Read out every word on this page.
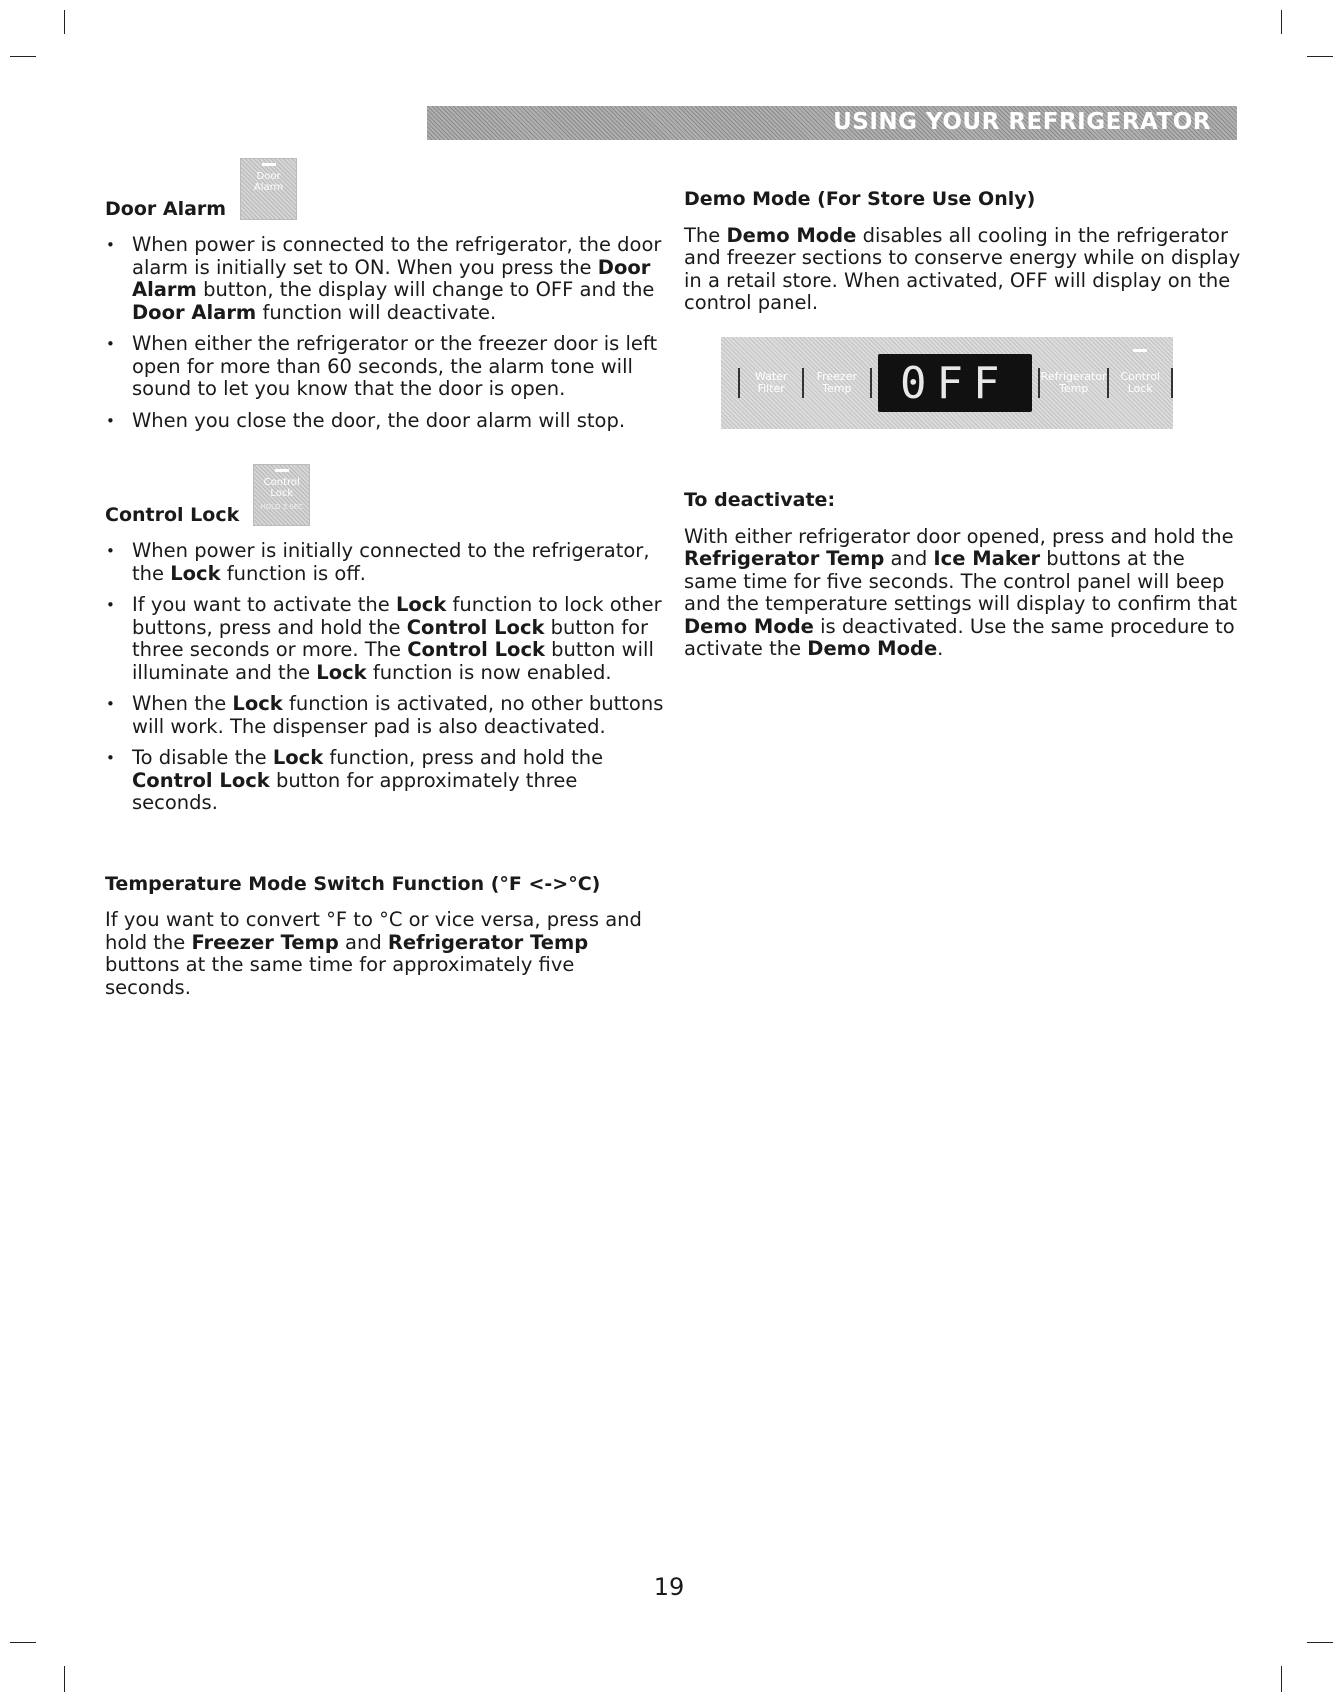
USING YOUR REFRIGERATOR
Door Alarm
Door
Alarm
• When power is connected to the refrigerator, the door alarm is initially set to ON. When you press the Door Alarm button, the display will change to OFF and the Door Alarm function will deactivate.
• When either the refrigerator or the freezer door is left open for more than 60 seconds, the alarm tone will sound to let you know that the door is open.
• When you close the door, the door alarm will stop.
Control Lock
Control
Lock
HOLD 3 SEC
• When power is initially connected to the refrigerator, the Lock function is off.
• If you want to activate the Lock function to lock other buttons, press and hold the Control Lock button for three seconds or more. The Control Lock button will illuminate and the Lock function is now enabled.
• When the Lock function is activated, no other buttons will work. The dispenser pad is also deactivated.
• To disable the Lock function, press and hold the Control Lock button for approximately three seconds.
Temperature Mode Switch Function (°F <->°C)

If you want to convert °F to °C or vice versa, press and hold the Freezer Temp and Refrigerator Temp buttons at the same time for approximately five seconds.

Demo Mode (For Store Use Only)

The Demo Mode disables all cooling in the refrigerator and freezer sections to conserve energy while on display in a retail store. When activated, OFF will display on the control panel.

Water
Filter
Freezer
Temp 0FF	Refrigerator
Temp
Control
Lock
To deactivate:

With either refrigerator door opened, press and hold the Refrigerator Temp and Ice Maker buttons at the same time for five seconds. The control panel will beep and the temperature settings will display to confirm that Demo Mode is deactivated. Use the same procedure to activate the Demo Mode.

19
